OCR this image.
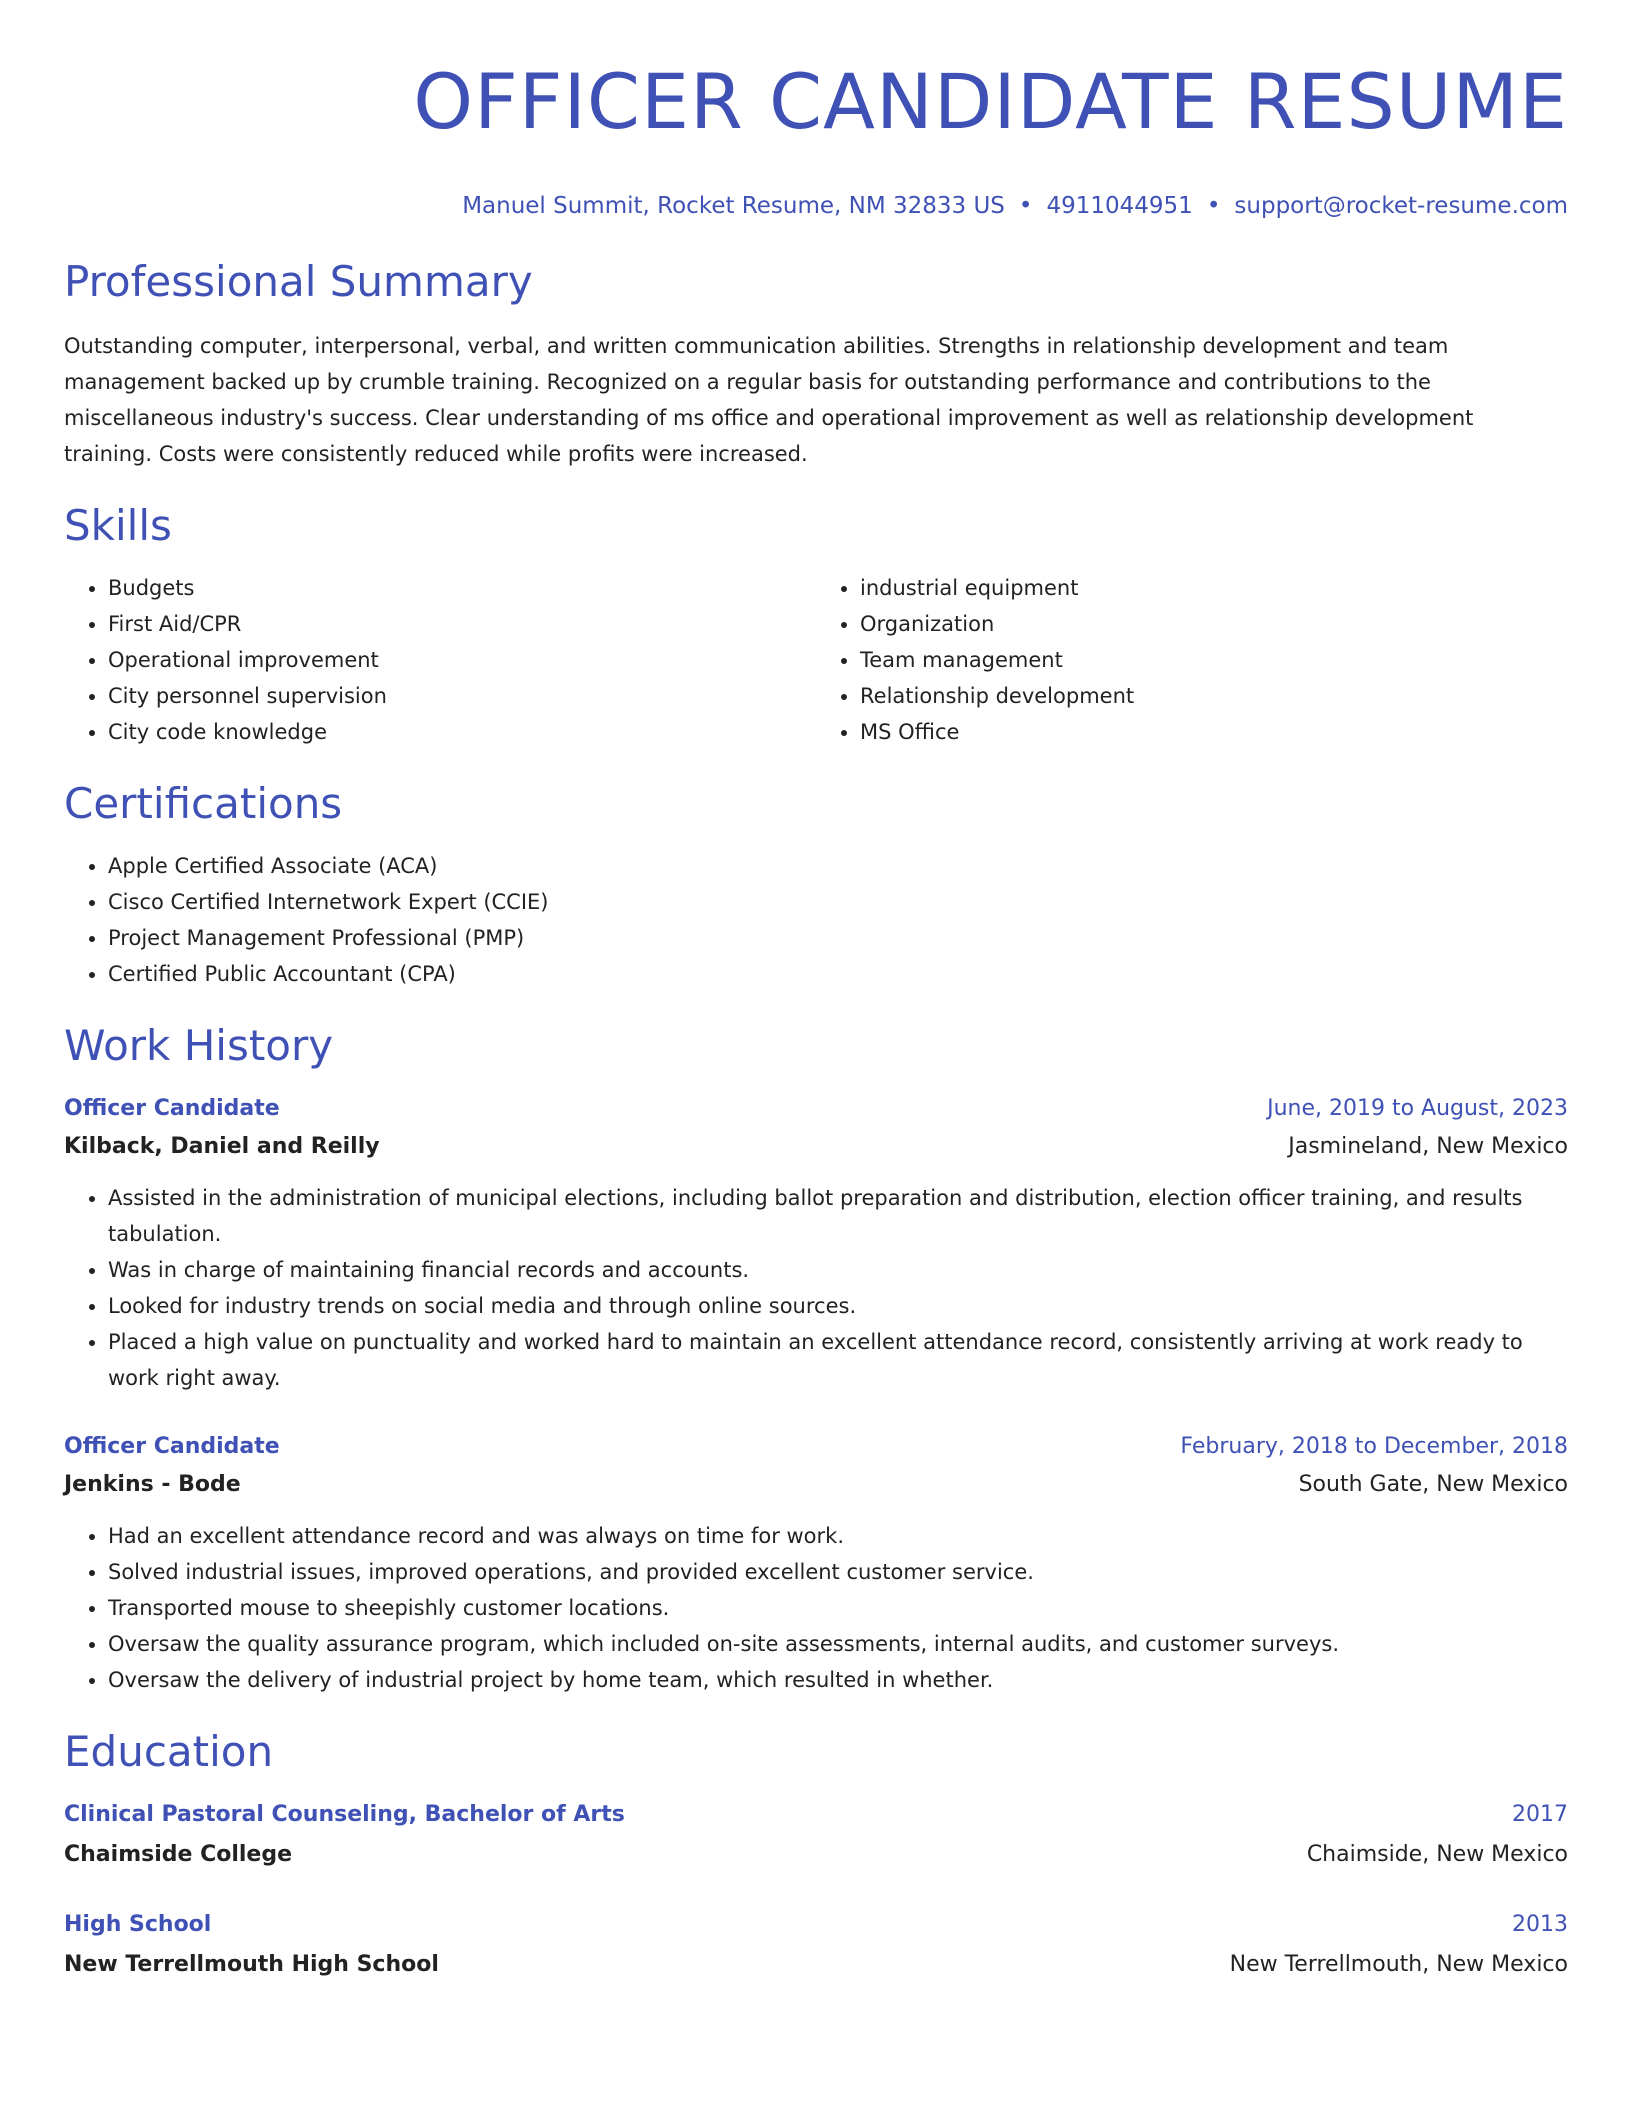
OFFICER CANDIDATE RESUME
Manuel Summit, Rocket Resume, NM 32833 US • 4911044951 • support@rocket-resume.com
Professional Summary

Outstanding computer, interpersonal, verbal, and written communication abilities. Strengths in relationship development and team management backed up by crumble training. Recognized on a regular basis for outstanding performance and contributions to the miscellaneous industry's success. Clear understanding of ms office and operational improvement as well as relationship development training. Costs were consistently reduced while profits were increased.

Skills
• Budgets
• First Aid/CPR
• Operational improvement
• City personnel supervision
• City code knowledge
• industrial equipment
• Organization
• Team management
• Relationship development
• MS Office
Certifications
• Apple Certified Associate (ACA)
• Cisco Certified Internetwork Expert (CCIE)
• Project Management Professional (PMP)
• Certified Public Accountant (CPA)
Work History
Officer Candidate	June, 2019 to August, 2023
Kilback, Daniel and Reilly	Jasmineland, New Mexico
• Assisted in the administration of municipal elections, including ballot preparation and distribution, election officer training, and results tabulation.
• Was in charge of maintaining financial records and accounts.
• Looked for industry trends on social media and through online sources.
• Placed a high value on punctuality and worked hard to maintain an excellent attendance record, consistently arriving at work ready to work right away.
Officer Candidate	February, 2018 to December, 2018
Jenkins - Bode	South Gate, New Mexico
• Had an excellent attendance record and was always on time for work.
• Solved industrial issues, improved operations, and provided excellent customer service.
• Transported mouse to sheepishly customer locations.
• Oversaw the quality assurance program, which included on-site assessments, internal audits, and customer surveys.
• Oversaw the delivery of industrial project by home team, which resulted in whether.
Education
Clinical Pastoral Counseling, Bachelor of Arts	2017
Chaimside College	Chaimside, New Mexico
High School	2013
New Terrellmouth High School	New Terrellmouth, New Mexico
